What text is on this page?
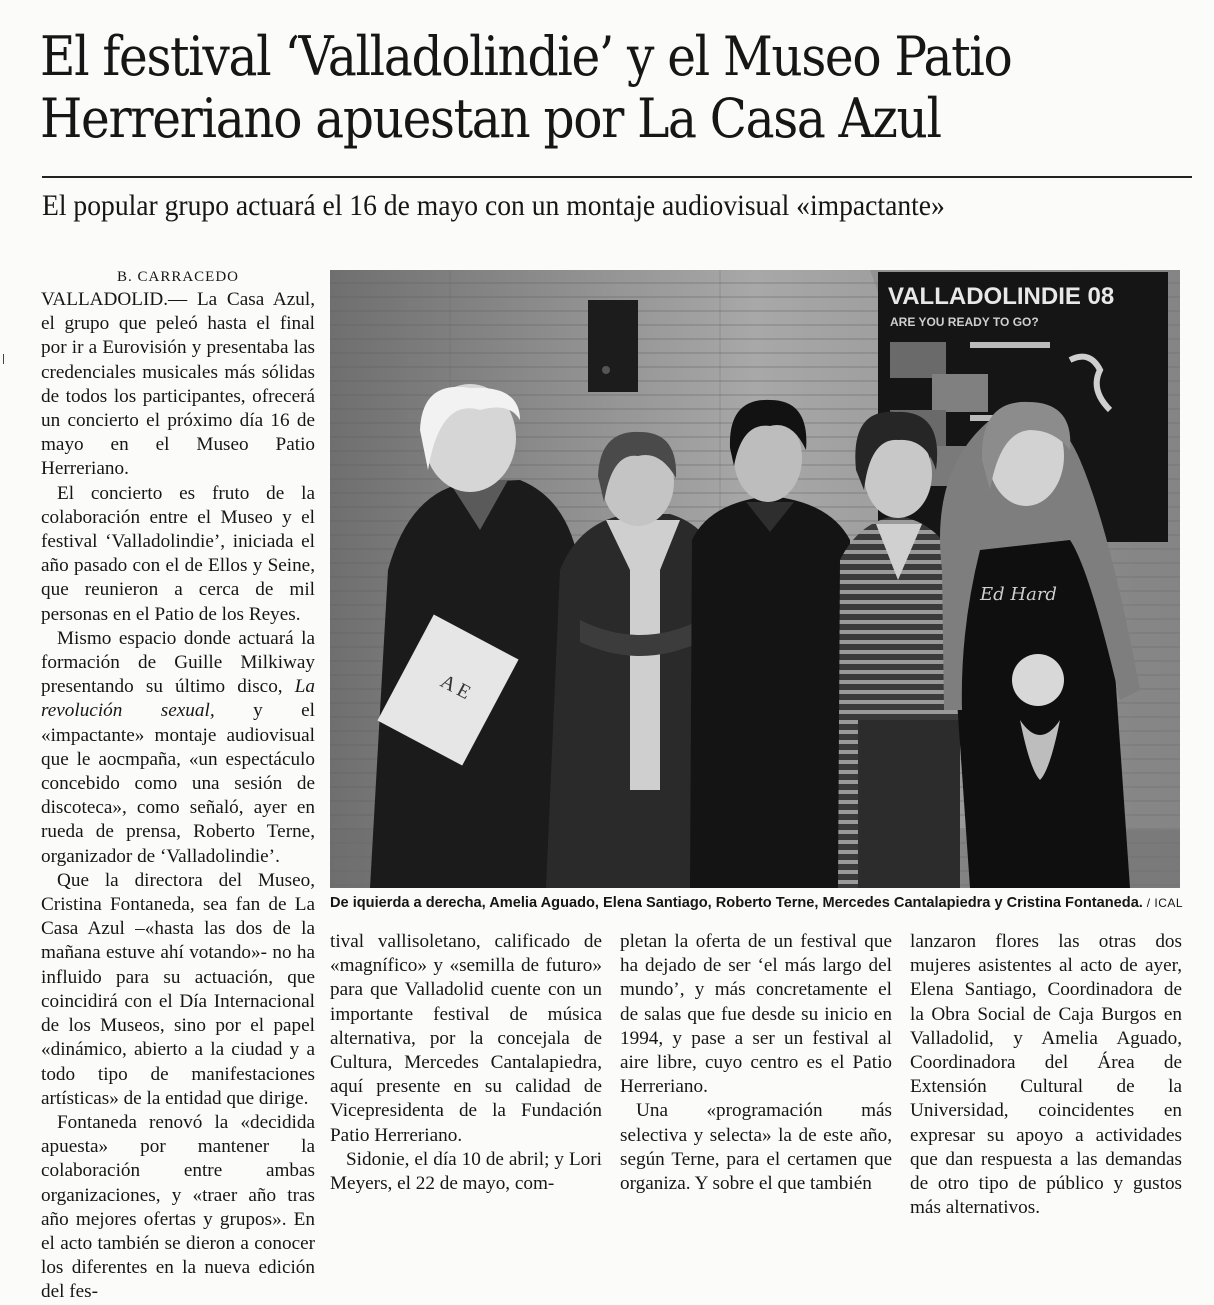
El festival ‘Valladolindie’ y el Museo Patio
Herreriano apuestan por La Casa Azul
El popular grupo actuará el 16 de mayo con un montaje audiovisual «impactante»
B. CARRACEDO

VALLADOLID.— La Casa Azul, el grupo que peleó hasta el final por ir a Eurovisión y presentaba las credenciales musicales más sólidas de todos los participantes, ofrecerá un concierto el próximo día 16 de mayo en el Museo Patio Herreriano.

El concierto es fruto de la colaboración entre el Museo y el festival ‘Valladolindie’, iniciada el año pasado con el de Ellos y Seine, que reunieron a cerca de mil personas en el Patio de los Reyes.

Mismo espacio donde actuará la formación de Guille Milkiway presentando su último disco, La revolución sexual, y el «impactante» montaje audiovisual que le aocmpaña, «un espectáculo concebido como una sesión de discoteca», como señaló, ayer en rueda de prensa, Roberto Terne, organizador de ‘Valladolindie’.

Que la directora del Museo, Cristina Fontaneda, sea fan de La Casa Azul –«hasta las dos de la mañana estuve ahí votando»- no ha influido para su actuación, que coincidirá con el Día Internacional de los Museos, sino por el papel «dinámico, abierto a la ciudad y a todo tipo de manifestaciones artísticas» de la entidad que dirige.

Fontaneda renovó la «decidida apuesta» por mantener la colaboración entre ambas organizaciones, y «traer año tras año mejores ofertas y grupos». En el acto también se dieron a conocer los diferentes en la nueva edición del fes-

VALLADOLINDIE 08
ARE YOU READY TO GO?
A E
Ed Hard
De iquierda a derecha, Amelia Aguado, Elena Santiago, Roberto Terne, Mercedes Cantalapiedra y Cristina Fontaneda. / ICAL

tival vallisoletano, calificado de «magnífico» y «semilla de futuro» para que Valladolid cuente con un importante festival de música alternativa, por la concejala de Cultura, Mercedes Cantalapiedra, aquí presente en su calidad de Vicepresidenta de la Fundación Patio Herreriano.

Sidonie, el día 10 de abril; y Lori Meyers, el 22 de mayo, com-

pletan la oferta de un festival que ha dejado de ser ‘el más largo del mundo’, y más concretamente el de salas que fue desde su inicio en 1994, y pase a ser un festival al aire libre, cuyo centro es el Patio Herreriano.

Una «programación más selectiva y selecta» la de este año, según Terne, para el certamen que organiza. Y sobre el que también

lanzaron flores las otras dos mujeres asistentes al acto de ayer, Elena Santiago, Coordinadora de la Obra Social de Caja Burgos en Valladolid, y Amelia Aguado, Coordinadora del Área de Extensión Cultural de la Universidad, coincidentes en expresar su apoyo a actividades que dan respuesta a las demandas de otro tipo de público y gustos más alternativos.
